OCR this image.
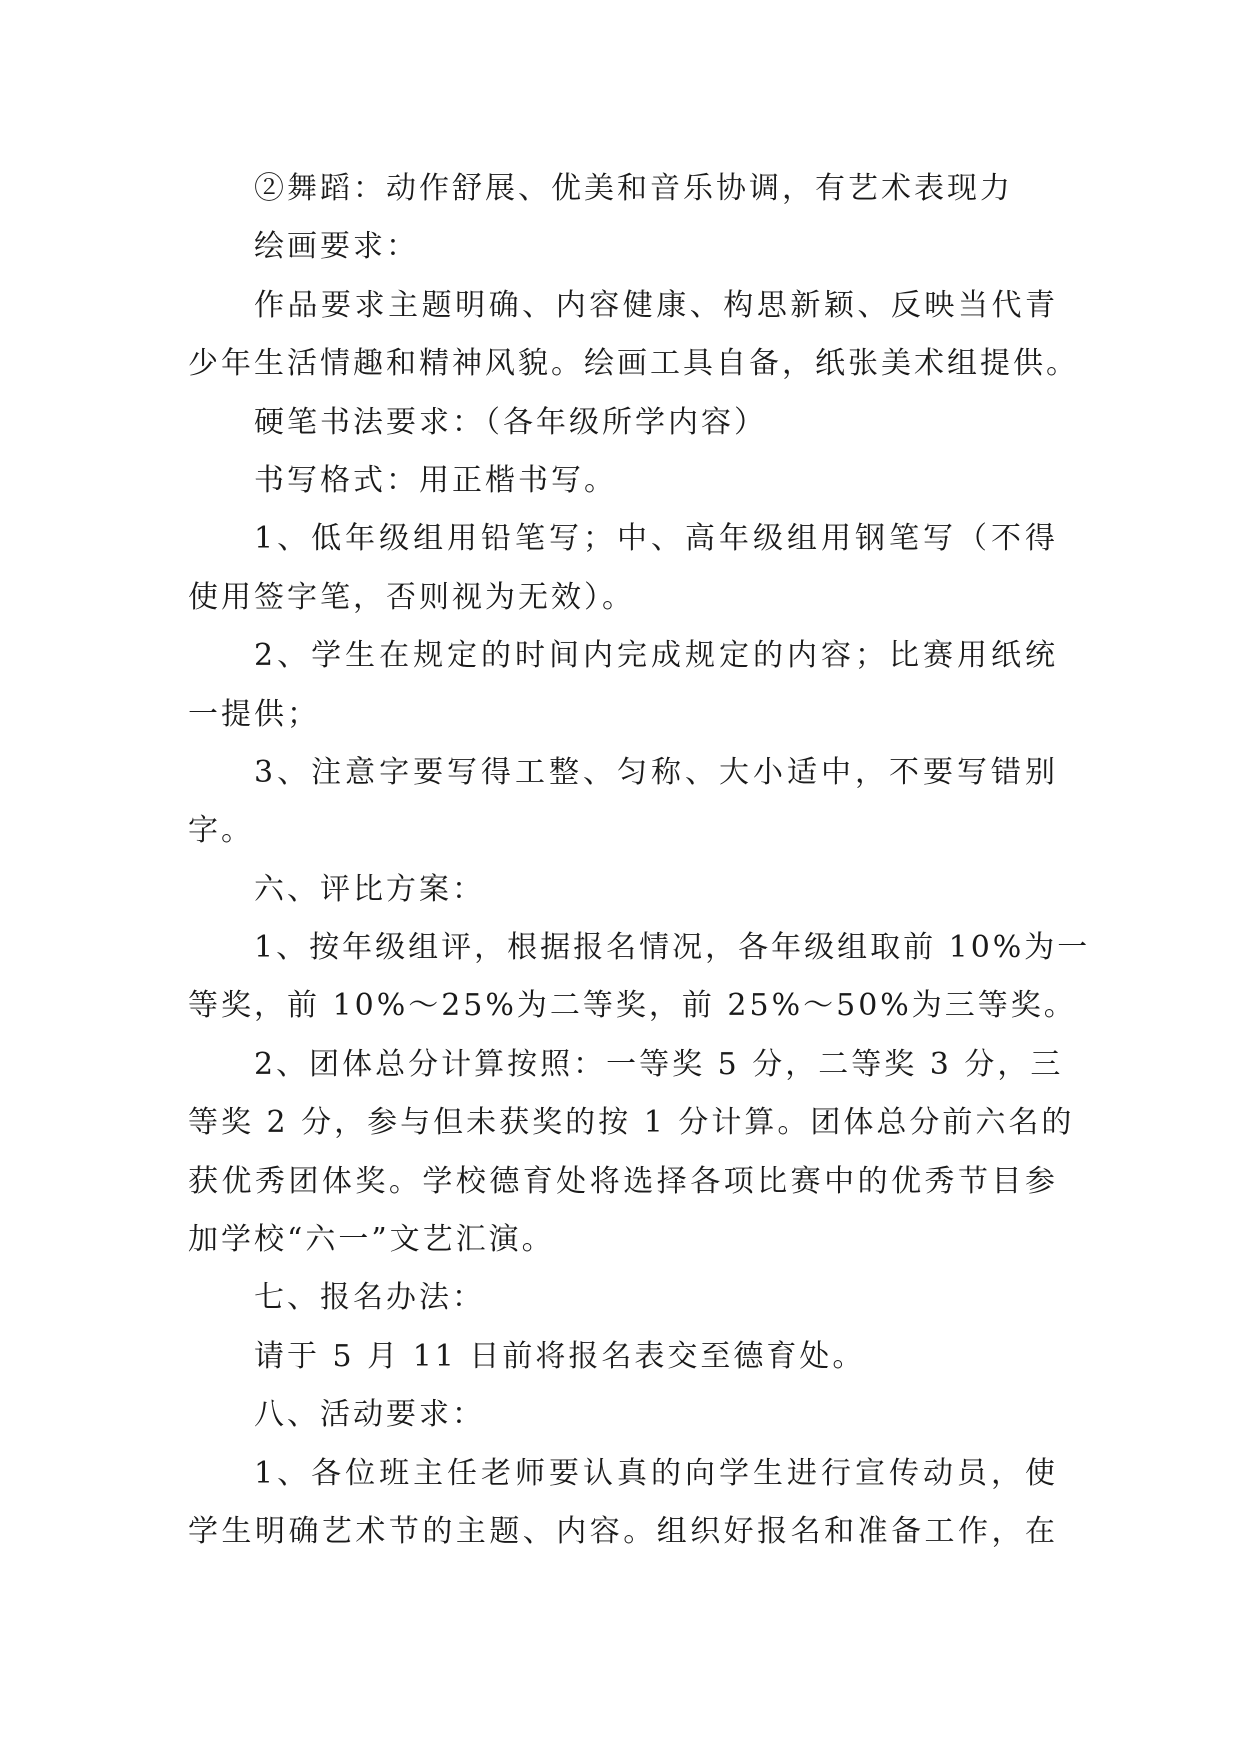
②舞蹈：动作舒展、优美和音乐协调，有艺术表现力
绘画要求：
作品要求主题明确、内容健康、构思新颖、反映当代青
少年生活情趣和精神风貌。绘画工具自备，纸张美术组提供。
硬笔书法要求：（各年级所学内容）
书写格式：用正楷书写。
1、低年级组用铅笔写；中、高年级组用钢笔写（不得
使用签字笔，否则视为无效）。
2、学生在规定的时间内完成规定的内容；比赛用纸统
一提供；
3、注意字要写得工整、匀称、大小适中，不要写错别
字。
六、评比方案：
1、按年级组评，根据报名情况，各年级组取前 10%为一
等奖，前 10%～25%为二等奖，前 25%～50%为三等奖。
2、团体总分计算按照：一等奖 5 分，二等奖 3 分，三
等奖 2 分，参与但未获奖的按 1 分计算。团体总分前六名的
获优秀团体奖。学校德育处将选择各项比赛中的优秀节目参
加学校“六一”文艺汇演。
七、报名办法：
请于 5 月 11 日前将报名表交至德育处。
八、活动要求：
1、各位班主任老师要认真的向学生进行宣传动员，使
学生明确艺术节的主题、内容。组织好报名和准备工作，在
